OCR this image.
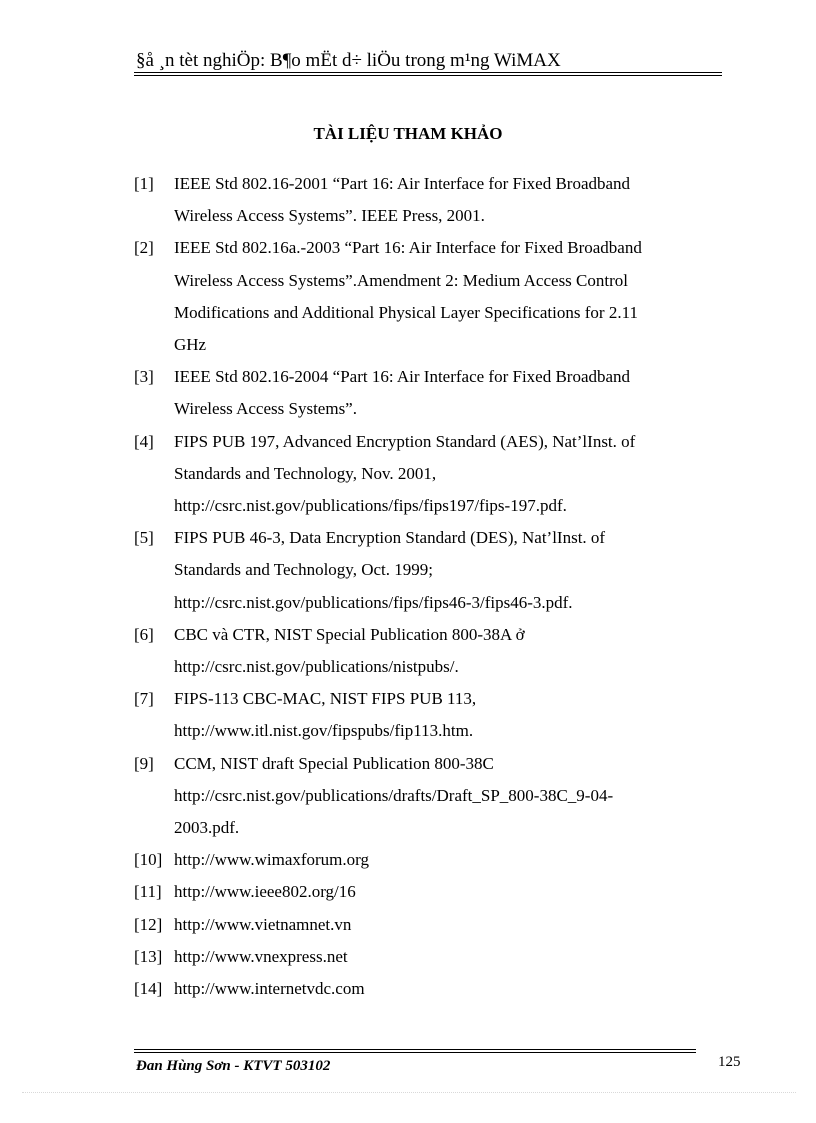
§å ¸n tèt nghiÖp: B¶o mËt d÷ liÖu trong m¹ng WiMAX
TÀI LIỆU THAM KHẢO
[1]	IEEE Std 802.16-2001 “Part 16: Air Interface for Fixed Broadband
Wireless Access Systems”. IEEE Press, 2001.
[2]	IEEE Std 802.16a.-2003 “Part 16: Air Interface for Fixed Broadband
Wireless Access Systems”.Amendment 2: Medium Access Control
Modifications and Additional Physical Layer Specifications for 2.11
GHz
[3]	IEEE Std 802.16-2004 “Part 16: Air Interface for Fixed Broadband
Wireless Access Systems”.
[4]	FIPS PUB 197, Advanced Encryption Standard (AES), Nat’lInst. of
Standards and Technology, Nov. 2001,
http://csrc.nist.gov/publications/fips/fips197/fips-197.pdf.
[5]	FIPS PUB 46-3, Data Encryption Standard (DES), Nat’lInst. of
Standards and Technology, Oct. 1999;
http://csrc.nist.gov/publications/fips/fips46-3/fips46-3.pdf.
[6]	CBC và CTR, NIST Special Publication 800-38A ở
http://csrc.nist.gov/publications/nistpubs/.
[7]	FIPS-113 CBC-MAC, NIST FIPS PUB 113,
http://www.itl.nist.gov/fipspubs/fip113.htm.
[9]	CCM, NIST draft Special Publication 800-38C
http://csrc.nist.gov/publications/drafts/Draft_SP_800-38C_9-04-
2003.pdf.
[10] http://www.wimaxforum.org
[11] http://www.ieee802.org/16
[12] http://www.vietnamnet.vn
[13] http://www.vnexpress.net
[14] http://www.internetvdc.com
Đan Hùng Sơn - KTVT 503102	125
